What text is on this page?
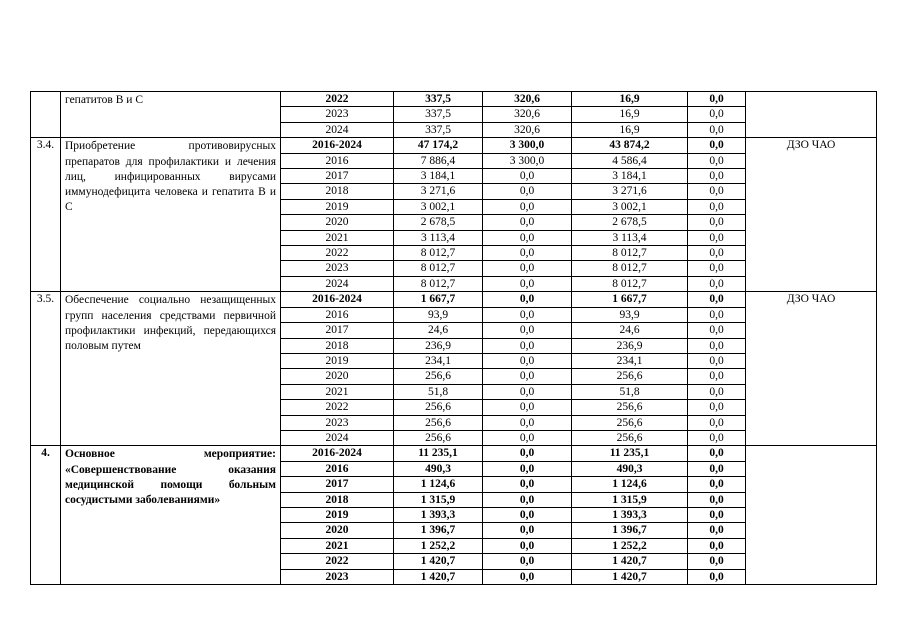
	гепатитов В и С	2022	337,5	320,6	16,9	0,0	
		2023	337,5	320,6	16,9	0,0	
		2024	337,5	320,6	16,9	0,0	
3.4.	Приобретение противовирусных препаратов для профилактики и лечения лиц, инфицированных вирусами иммунодефицита человека и гепатита В и С	2016-2024	47 174,2	3 300,0	43 874,2	0,0	ДЗО ЧАО
		2016	7 886,4	3 300,0	4 586,4	0,0	
		2017	3 184,1	0,0	3 184,1	0,0	
		2018	3 271,6	0,0	3 271,6	0,0	
		2019	3 002,1	0,0	3 002,1	0,0	
		2020	2 678,5	0,0	2 678,5	0,0	
		2021	3 113,4	0,0	3 113,4	0,0	
		2022	8 012,7	0,0	8 012,7	0,0	
		2023	8 012,7	0,0	8 012,7	0,0	
		2024	8 012,7	0,0	8 012,7	0,0	
3.5.	Обеспечение социально незащищенных групп населения средствами первичной профилактики инфекций, передающихся половым путем	2016-2024	1 667,7	0,0	1 667,7	0,0	ДЗО ЧАО
		2016	93,9	0,0	93,9	0,0	
		2017	24,6	0,0	24,6	0,0	
		2018	236,9	0,0	236,9	0,0	
		2019	234,1	0,0	234,1	0,0	
		2020	256,6	0,0	256,6	0,0	
		2021	51,8	0,0	51,8	0,0	
		2022	256,6	0,0	256,6	0,0	
		2023	256,6	0,0	256,6	0,0	
		2024	256,6	0,0	256,6	0,0	
4.	Основное мероприятие: «Совершенствование оказания медицинской помощи больным сосудистыми заболеваниями»	2016-2024	11 235,1	0,0	11 235,1	0,0	
		2016	490,3	0,0	490,3	0,0	
		2017	1 124,6	0,0	1 124,6	0,0	
		2018	1 315,9	0,0	1 315,9	0,0	
		2019	1 393,3	0,0	1 393,3	0,0	
		2020	1 396,7	0,0	1 396,7	0,0	
		2021	1 252,2	0,0	1 252,2	0,0	
		2022	1 420,7	0,0	1 420,7	0,0	
		2023	1 420,7	0,0	1 420,7	0,0	
